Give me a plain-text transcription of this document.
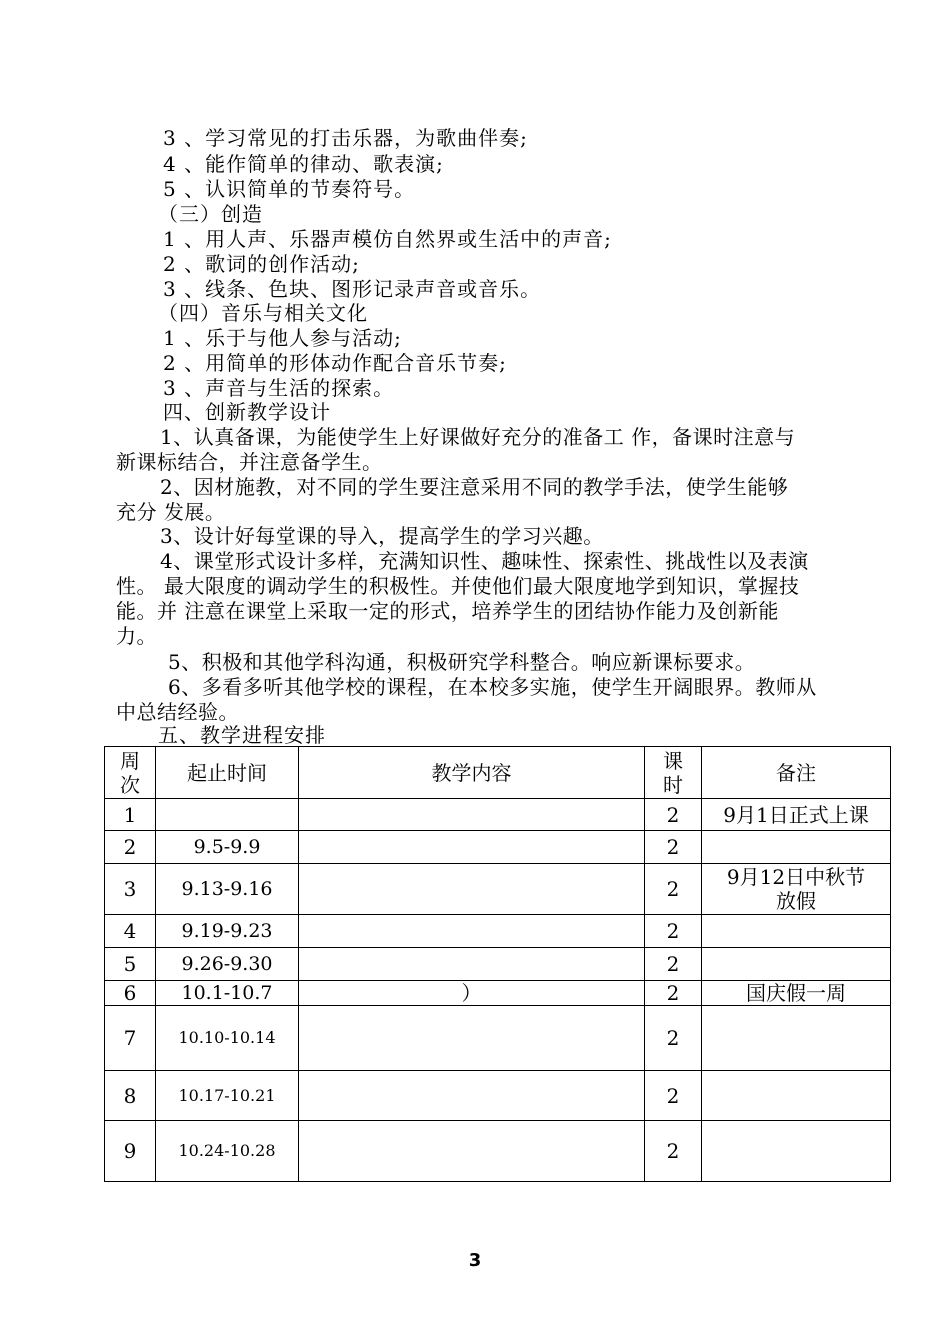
3 、学习常见的打击乐器，为歌曲伴奏;
4 、能作简单的律动、歌表演;
5 、认识简单的节奏符号。
（三）创造
1 、用人声、乐器声模仿自然界或生活中的声音;
2 、歌词的创作活动;
3 、线条、色块、图形记录声音或音乐。
（四）音乐与相关文化
1 、乐于与他人参与活动;
2 、用简单的形体动作配合音乐节奏;
3 、声音与生活的探索。
四、创新教学设计
1、认真备课，为能使学生上好课做好充分的准备工 作，备课时注意与
新课标结合，并注意备学生。
2、因材施教，对不同的学生要注意采用不同的教学手法，使学生能够
充分 发展。
3、设计好每堂课的导入，提高学生的学习兴趣。
4、课堂形式设计多样，充满知识性、趣味性、探索性、挑战性以及表演
性。 最大限度的调动学生的积极性。并使他们最大限度地学到知识，掌握技
能。并 注意在课堂上采取一定的形式，培养学生的团结协作能力及创新能
力。
5、积极和其他学科沟通，积极研究学科整合。响应新课标要求。
6、多看多听其他学校的课程，在本校多实施，使学生开阔眼界。教师从
中总结经验。
五、教学进程安排
周次	起止时间	教学内容	课时	备注
1			2	9月1日正式上课
2	9.5-9.9		2	
3	9.13-9.16		2	9月12日中秋节放假

4	9.19-9.23		2	
5	9.26-9.30		2	
6	10.1-10.7	）	2	国庆假一周
7	10.10-10.14		2	
8	10.17-10.21		2	
9	10.24-10.28		2	
3
